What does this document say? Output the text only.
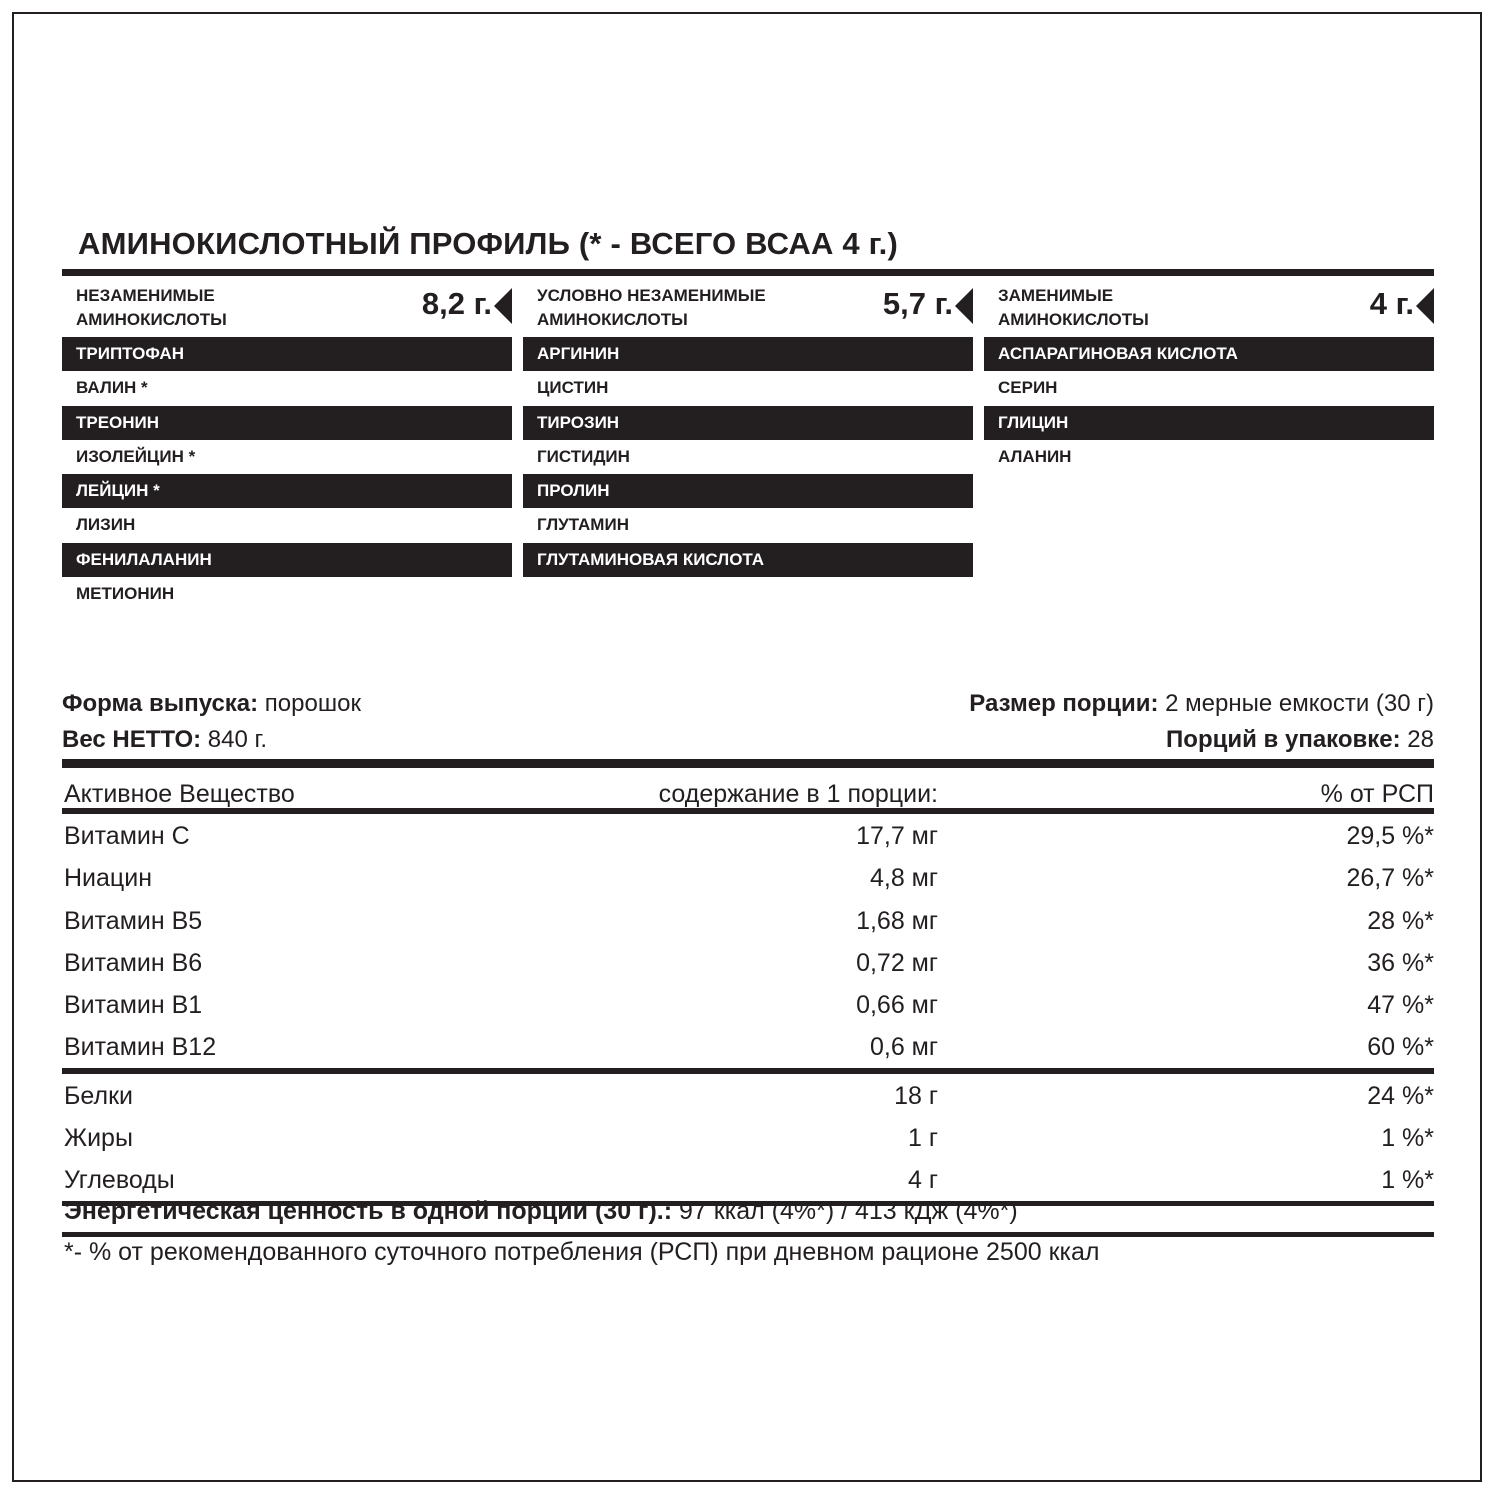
АМИНОКИСЛОТНЫЙ ПРОФИЛЬ (* - ВСЕГО ВСАА 4 г.)
НЕЗАМЕНИМЫЕ
АМИНОКИСЛОТЫ	8,2 г.
ТРИПТОФАН
ВАЛИН *
ТРЕОНИН
ИЗОЛЕЙЦИН *
ЛЕЙЦИН *
ЛИЗИН
ФЕНИЛАЛАНИН
МЕТИОНИН
УСЛОВНО НЕЗАМЕНИМЫЕ
АМИНОКИСЛОТЫ	5,7 г.
АРГИНИН
ЦИСТИН
ТИРОЗИН
ГИСТИДИН
ПРОЛИН
ГЛУТАМИН
ГЛУТАМИНОВАЯ КИСЛОТА
ЗАМЕНИМЫЕ
АМИНОКИСЛОТЫ	4 г.
АСПАРАГИНОВАЯ КИСЛОТА
СЕРИН
ГЛИЦИН
АЛАНИН
Форма выпуска: порошок
Вес НЕТТО: 840 г.
Размер порции: 2 мерные емкости (30 г)
Порций в упаковке: 28
Активное Вещество	содержание в 1 порции:	% от РСП
Витамин С	17,7 мг	29,5 %*
Ниацин	4,8 мг	26,7 %*
Витамин В5	1,68 мг	28 %*
Витамин В6	0,72 мг	36 %*
Витамин В1	0,66 мг	47 %*
Витамин В12	0,6 мг	60 %*
Белки	18 г	24 %*
Жиры	1 г	1 %*
Углеводы	4 г	1 %*
Энергетическая ценность в одной порции (30 г).: 97 ккал (4%*) / 413 кДж (4%*)
*- % от рекомендованного суточного потребления (РСП) при дневном рационе 2500 ккал
